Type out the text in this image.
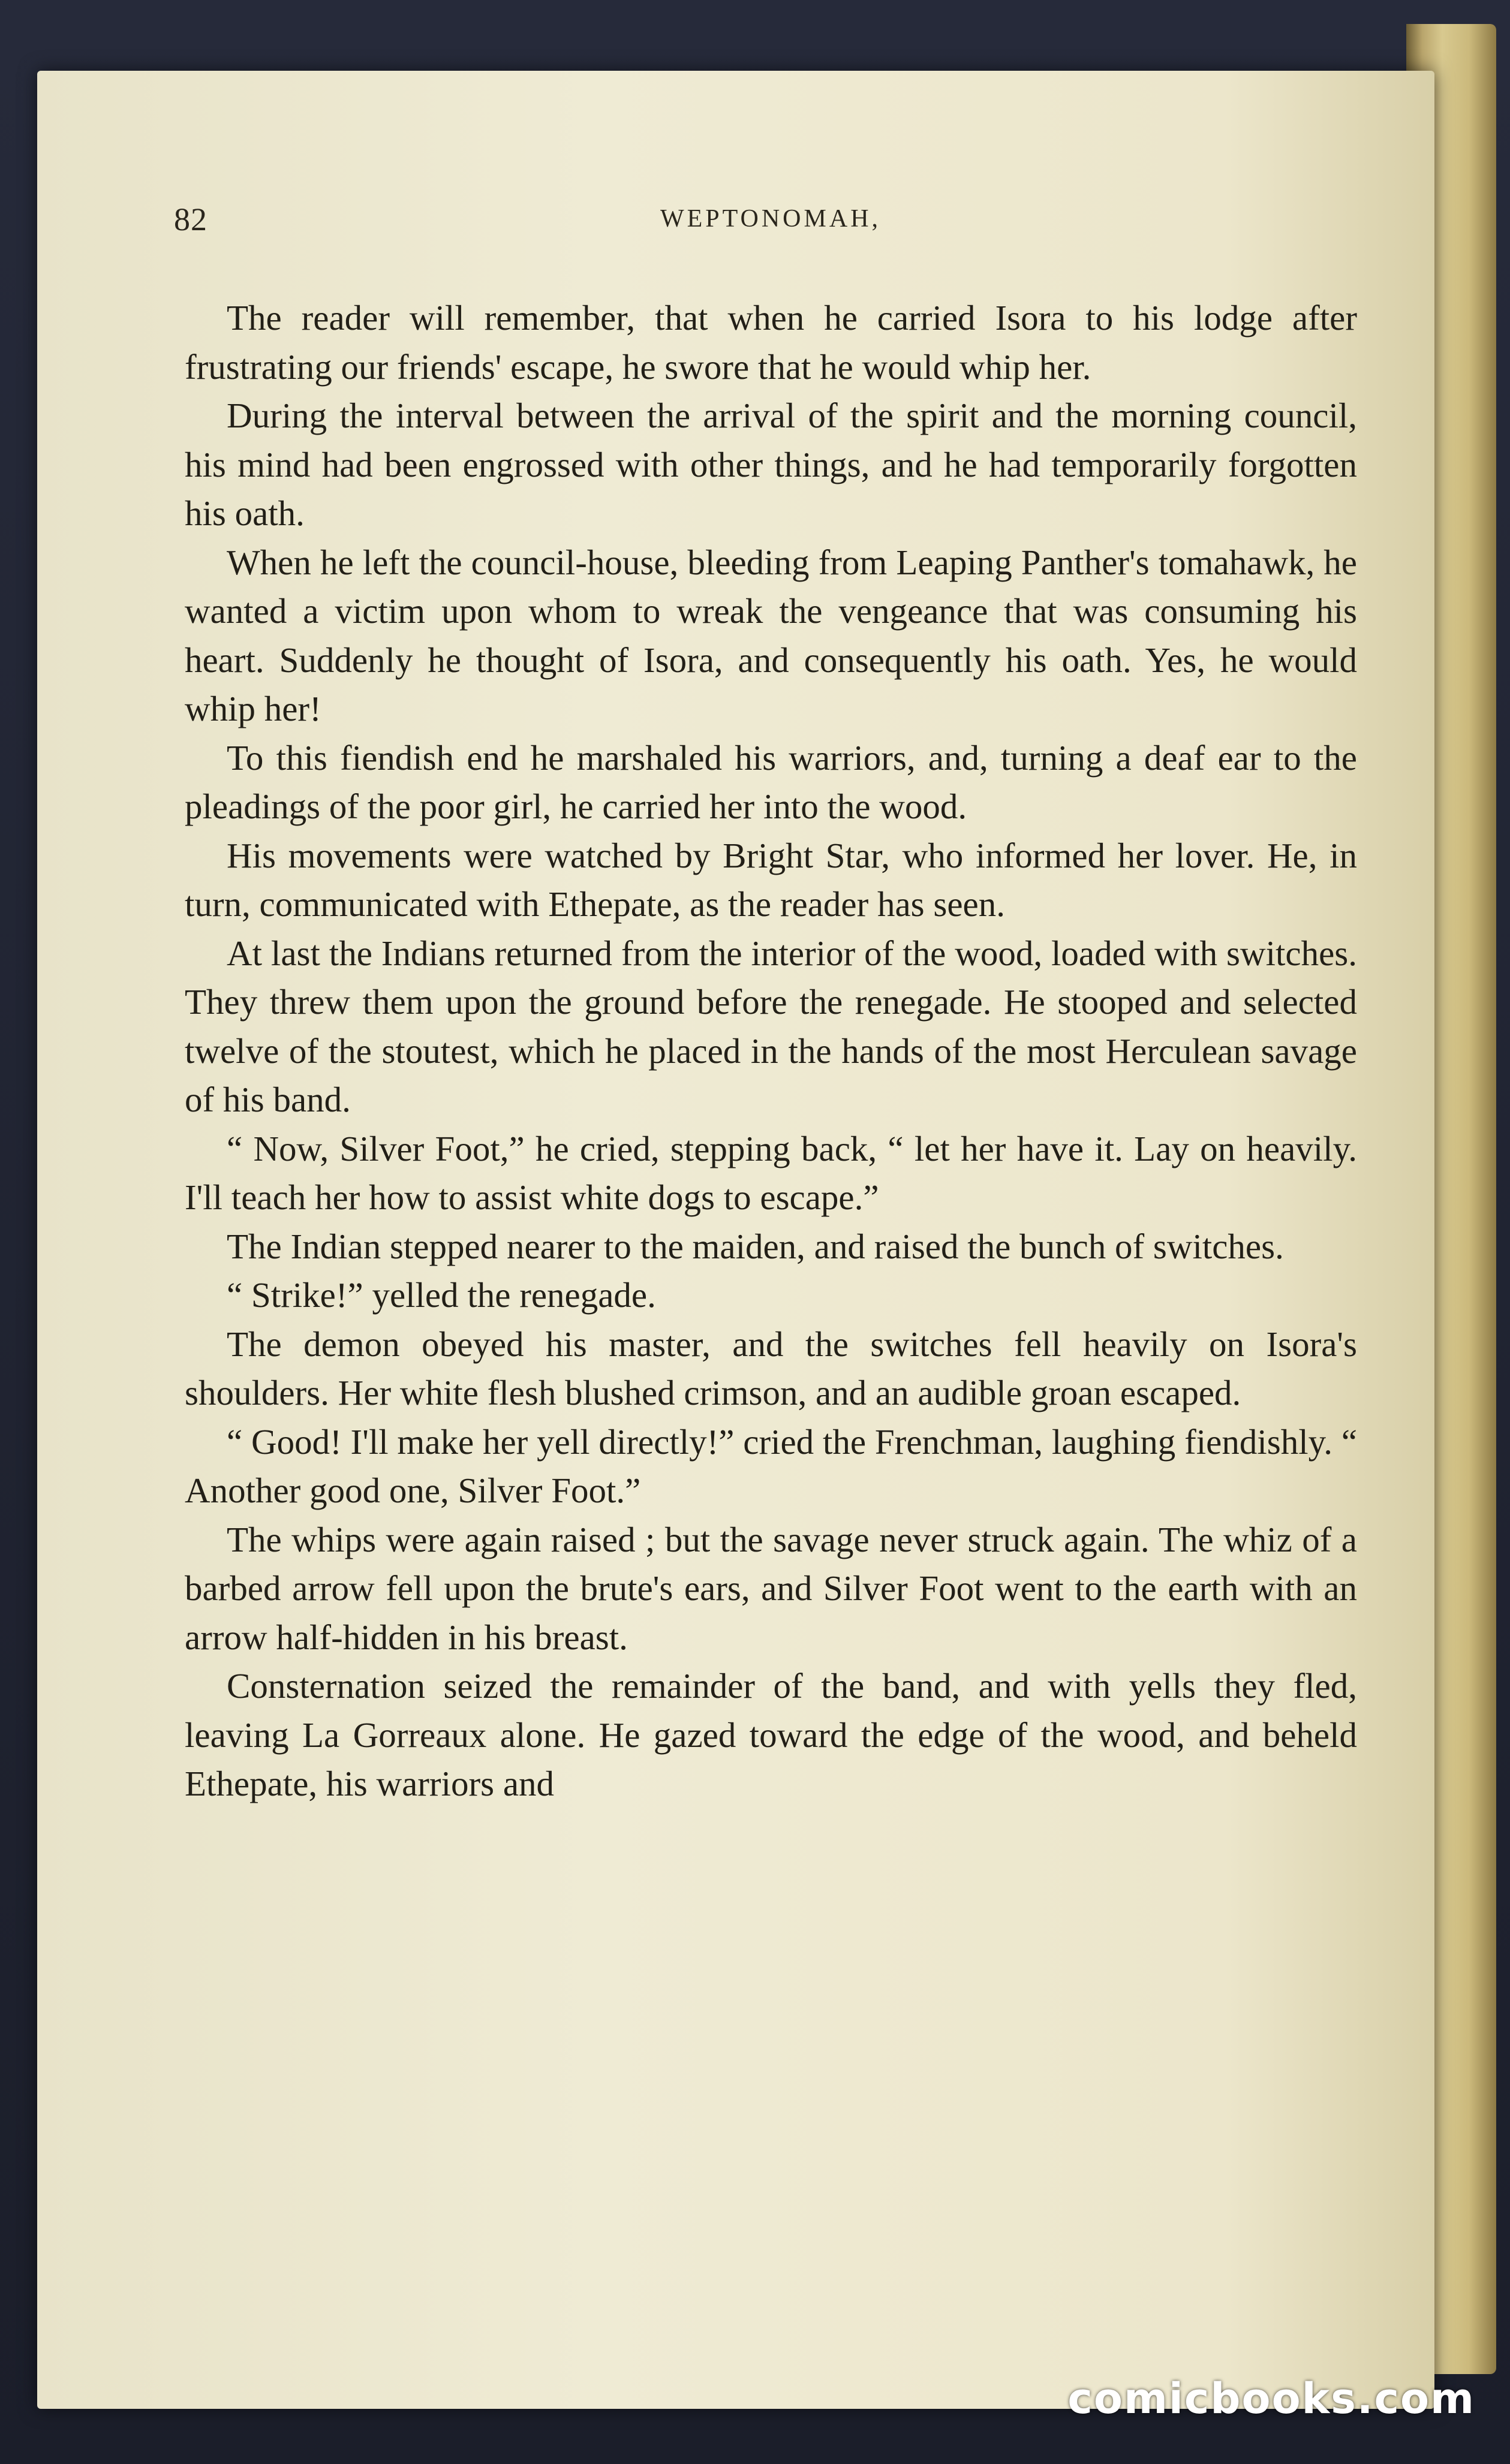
82	WEPTONOMAH,

The reader will remember, that when he carried Isora to his lodge after frustrating our friends' escape, he swore that he would whip her.

During the interval between the arrival of the spirit and the morning council, his mind had been engrossed with other things, and he had temporarily forgotten his oath.

When he left the council-house, bleeding from Leaping Panther's tomahawk, he wanted a victim upon whom to wreak the vengeance that was consuming his heart. Suddenly he thought of Isora, and consequently his oath. Yes, he would whip her!

To this fiendish end he marshaled his warriors, and, turning a deaf ear to the pleadings of the poor girl, he carried her into the wood.

His movements were watched by Bright Star, who informed her lover. He, in turn, communicated with Ethepate, as the reader has seen.

At last the Indians returned from the interior of the wood, loaded with switches. They threw them upon the ground before the renegade. He stooped and selected twelve of the stoutest, which he placed in the hands of the most Herculean savage of his band.

“ Now, Silver Foot,” he cried, stepping back, “ let her have it. Lay on heavily. I'll teach her how to assist white dogs to escape.”

The Indian stepped nearer to the maiden, and raised the bunch of switches.

“ Strike!” yelled the renegade.

The demon obeyed his master, and the switches fell heavily on Isora's shoulders. Her white flesh blushed crimson, and an audible groan escaped.

“ Good! I'll make her yell directly!” cried the Frenchman, laughing fiendishly. “ Another good one, Silver Foot.”

The whips were again raised ; but the savage never struck again. The whiz of a barbed arrow fell upon the brute's ears, and Silver Foot went to the earth with an arrow half-hidden in his breast.

Consternation seized the remainder of the band, and with yells they fled, leaving La Gorreaux alone. He gazed toward the edge of the wood, and beheld Ethepate, his warriors and

comicbooks.com
